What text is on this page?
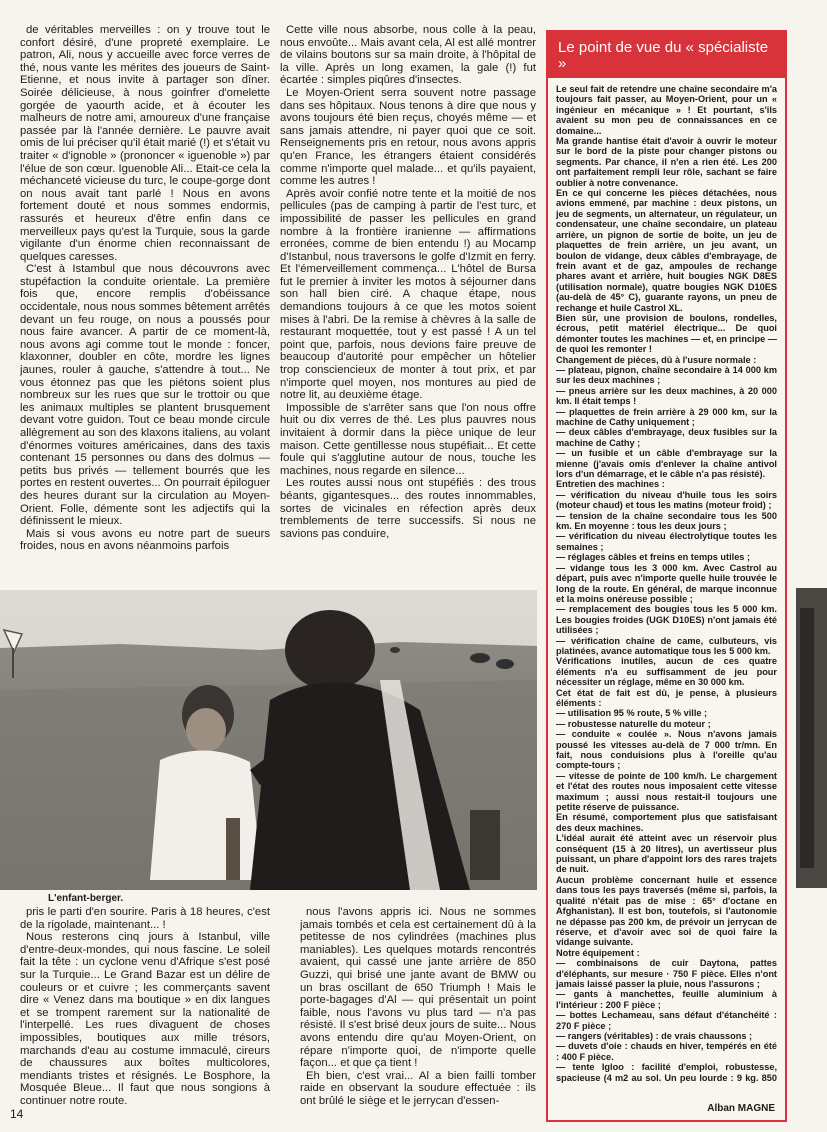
de véritables merveilles : on y trouve tout le confort désiré, d'une propreté exemplaire. Le patron, Ali, nous y accueille avec force verres de thé, nous vante les mérites des joueurs de Saint-Etienne, et nous invite à partager son dîner. Soirée délicieuse, à nous goinfrer d'omelette gorgée de yaourth acide, et à écouter les malheurs de notre ami, amoureux d'une française passée par là l'année dernière. Le pauvre avait omis de lui préciser qu'il était marié (!) et s'était vu traiter « d'ignoble » (prononcer « iguenoble ») par l'élue de son cœur. Iguenoble Ali... Etait-ce cela la méchanceté vicieuse du turc, le coupe-gorge dont on nous avait tant parlé ! Nous en avons fortement douté et nous sommes endormis, rassurés et heureux d'être enfin dans ce merveilleux pays qu'est la Turquie, sous la garde vigilante d'un énorme chien reconnaissant de quelques caresses.

C'est à Istambul que nous découvrons avec stupéfaction la conduite orientale. La première fois que, encore remplis d'obéissance occidentale, nous nous sommes bêtement arrêtés devant un feu rouge, on nous a poussés pour nous faire avancer. A partir de ce moment-là, nous avons agi comme tout le monde : foncer, klaxonner, doubler en côte, mordre les lignes jaunes, rouler à gauche, s'attendre à tout... Ne vous étonnez pas que les piétons soient plus nombreux sur les rues que sur le trottoir ou que les animaux multiples se plantent brusquement devant votre guidon. Tout ce beau monde circule allègrement au son des klaxons italiens, au volant d'énormes voitures américaines, dans des taxis contenant 15 personnes ou dans des dolmus — petits bus privés — tellement bourrés que les portes en restent ouvertes... On pourrait épiloguer des heures durant sur la circulation au Moyen-Orient. Folle, démente sont les adjectifs qui la définissent le mieux.

Mais si vous avons eu notre part de sueurs froides, nous en avons néanmoins parfois

Cette ville nous absorbe, nous colle à la peau, nous envoûte... Mais avant cela, Al est allé montrer de vilains boutons sur sa main droite, à l'hôpital de la ville. Après un long examen, la gale (!) fut écartée : simples piqûres d'insectes.

Le Moyen-Orient serra souvent notre passage dans ses hôpitaux. Nous tenons à dire que nous y avons toujours été bien reçus, choyés même — et sans jamais attendre, ni payer quoi que ce soit. Renseignements pris en retour, nous avons appris qu'en France, les étrangers étaient considérés comme n'importe quel malade... et qu'ils payaient, comme les autres !

Après avoir confié notre tente et la moitié de nos pellicules (pas de camping à partir de l'est turc, et impossibilité de passer les pellicules en grand nombre à la frontière iranienne — affirmations erronées, comme de bien entendu !) au Mocamp d'Istanbul, nous traversons le golfe d'Izmit en ferry. Et l'émerveillement commença... L'hôtel de Bursa fut le premier à inviter les motos à séjourner dans son hall bien ciré. A chaque étape, nous demandions toujours à ce que les motos soient mises à l'abri. De la remise à chèvres à la salle de restaurant moquettée, tout y est passé ! A un tel point que, parfois, nous devions faire preuve de beaucoup d'autorité pour empêcher un hôtelier trop consciencieux de monter à tout prix, et par n'importe quel moyen, nos montures au pied de notre lit, au deuxième étage.

Impossible de s'arrêter sans que l'on nous offre huit ou dix verres de thé. Les plus pauvres nous invitaient à dormir dans la pièce unique de leur maison. Cette gentillesse nous stupéfiait... Et cette foule qui s'agglutine autour de nous, touche les machines, nous regarde en silence...

Les routes aussi nous ont stupéfiés : des trous béants, gigantesques... des routes innommables, sortes de vicinales en réfection après deux tremblements de terre successifs. Si nous ne savions pas conduire,

L'enfant-berger.

pris le parti d'en sourire. Paris à 18 heures, c'est de la rigolade, maintenant... !

Nous resterons cinq jours à Istanbul, ville d'entre-deux-mondes, qui nous fascine. Le soleil fait la tête : un cyclone venu d'Afrique s'est posé sur la Turquie... Le Grand Bazar est un délire de couleurs or et cuivre ; les commerçants savent dire « Venez dans ma boutique » en dix langues et se trompent rarement sur la nationalité de l'interpellé. Les rues divaguent de choses impossibles, boutiques aux mille trésors, marchands d'eau au costume immaculé, cireurs de chaussures aux boîtes multicolores, mendiants tristes et résignés. Le Bosphore, la Mosquée Bleue... Il faut que nous songions à continuer notre route.

nous l'avons appris ici. Nous ne sommes jamais tombés et cela est certainement dû à la petitesse de nos cylindrées (machines plus maniables). Les quelques motards rencontrés avaient, qui cassé une jante arrière de 850 Guzzi, qui brisé une jante avant de BMW ou un bras oscillant de 650 Triumph ! Mais le porte-bagages d'Al — qui présentait un point faible, nous l'avons vu plus tard — n'a pas résisté. Il s'est brisé deux jours de suite... Nous avons entendu dire qu'au Moyen-Orient, on répare n'importe quoi, de n'importe quelle façon... et que ça tient !

Eh bien, c'est vrai... Al a bien failli tomber raide en observant la soudure effectuée : ils ont brûlé le siège et le jerrycan d'essen-

Le point de vue du « spécialiste »

Le seul fait de retendre une chaîne secondaire m'a toujours fait passer, au Moyen-Orient, pour un « ingénieur en mécanique » ! Et pourtant, s'ils avaient su mon peu de connaissances en ce domaine...

Ma grande hantise était d'avoir à ouvrir le moteur sur le bord de la piste pour changer pistons ou segments. Par chance, il n'en a rien été. Les 200 ont parfaitement rempli leur rôle, sachant se faire oublier à notre convenance.

En ce qui concerne les pièces détachées, nous avions emmené, par machine : deux pistons, un jeu de segments, un alternateur, un régulateur, un condensateur, une chaîne secondaire, un plateau arrière, un pignon de sortie de boîte, un jeu de plaquettes de frein arrière, un jeu avant, un boulon de vidange, deux câbles d'embrayage, de frein avant et de gaz, ampoules de rechange phares avant et arrière, huit bougies NGK D8ES (utilisation normale), quatre bougies NGK D10ES (au-delà de 45° C), guarante rayons, un pneu de rechange et huile Castrol XL.

Bien sûr, une provision de boulons, rondelles, écrous, petit matériel électrique... De quoi démonter toutes les machines — et, en principe — de quoi les remonter !

Changement de pièces, dû à l'usure normale :

— plateau, pignon, chaîne secondaire à 14 000 km sur les deux machines ;

— pneus arrière sur les deux machines, à 20 000 km. Il était temps !

— plaquettes de frein arrière à 29 000 km, sur la machine de Cathy uniquement ;

— deux câbles d'embrayage, deux fusibles sur la machine de Cathy ;

— un fusible et un câble d'embrayage sur la mienne (j'avais omis d'enlever la chaîne antivol lors d'un démarrage, et le câble n'a pas résisté).

Entretien des machines :

— vérification du niveau d'huile tous les soirs (moteur chaud) et tous les matins (moteur froid) ;

— tension de la chaîne secondaire tous les 500 km. En moyenne : tous les deux jours ;

— vérification du niveau électrolytique toutes les semaines ;

— réglages câbles et freins en temps utiles ;

— vidange tous les 3 000 km. Avec Castrol au départ, puis avec n'importe quelle huile trouvée le long de la route. En général, de marque inconnue et la moins onéreuse possible ;

— remplacement des bougies tous les 5 000 km. Les bougies froides (UGK D10ES) n'ont jamais été utilisées ;

— vérification chaîne de came, culbuteurs, vis platinées, avance automatique tous les 5 000 km.

Vérifications inutiles, aucun de ces quatre éléments n'a eu suffisamment de jeu pour nécessiter un réglage, même en 30 000 km.

Cet état de fait est dû, je pense, à plusieurs éléments :

— utilisation 95 % route, 5 % ville ;

— robustesse naturelle du moteur ;

— conduite « coulée ». Nous n'avons jamais poussé les vitesses au-delà de 7 000 tr/mn. En fait, nous conduisions plus à l'oreille qu'au compte-tours ;

— vitesse de pointe de 100 km/h. Le chargement et l'état des routes nous imposaient cette vitesse maximum ; aussi nous restait-il toujours une petite réserve de puissance.

En résumé, comportement plus que satisfaisant des deux machines.

L'idéal aurait été atteint avec un réservoir plus conséquent (15 à 20 litres), un avertisseur plus puissant, un phare d'appoint lors des rares trajets de nuit.

Aucun problème concernant huile et essence dans tous les pays traversés (même si, parfois, la qualité n'était pas de mise : 65° d'octane en Afghanistan). Il est bon, toutefois, si l'autonomie ne dépasse pas 200 km, de prévoir un jerrycan de réserve, et d'avoir avec soi de quoi faire la vidange suivante.

Notre équipement :

— combinaisons de cuir Daytona, pattes d'éléphants, sur mesure · 750 F pièce. Elles n'ont jamais laissé passer la pluie, nous l'assurons ;

— gants à manchettes, feuille aluminium à l'intérieur : 200 F pièce ;

— bottes Lechameau, sans défaut d'étanchéité : 270 F pièce ;

— rangers (véritables) : de vrais chaussons ;

— duvets d'oie : chauds en hiver, tempérés en été : 400 F pièce.

— tente Igloo : facilité d'emploi, robustesse, spacieuse (4 m2 au sol. Un peu lourde : 9 kg. 850

Alban MAGNE
14
